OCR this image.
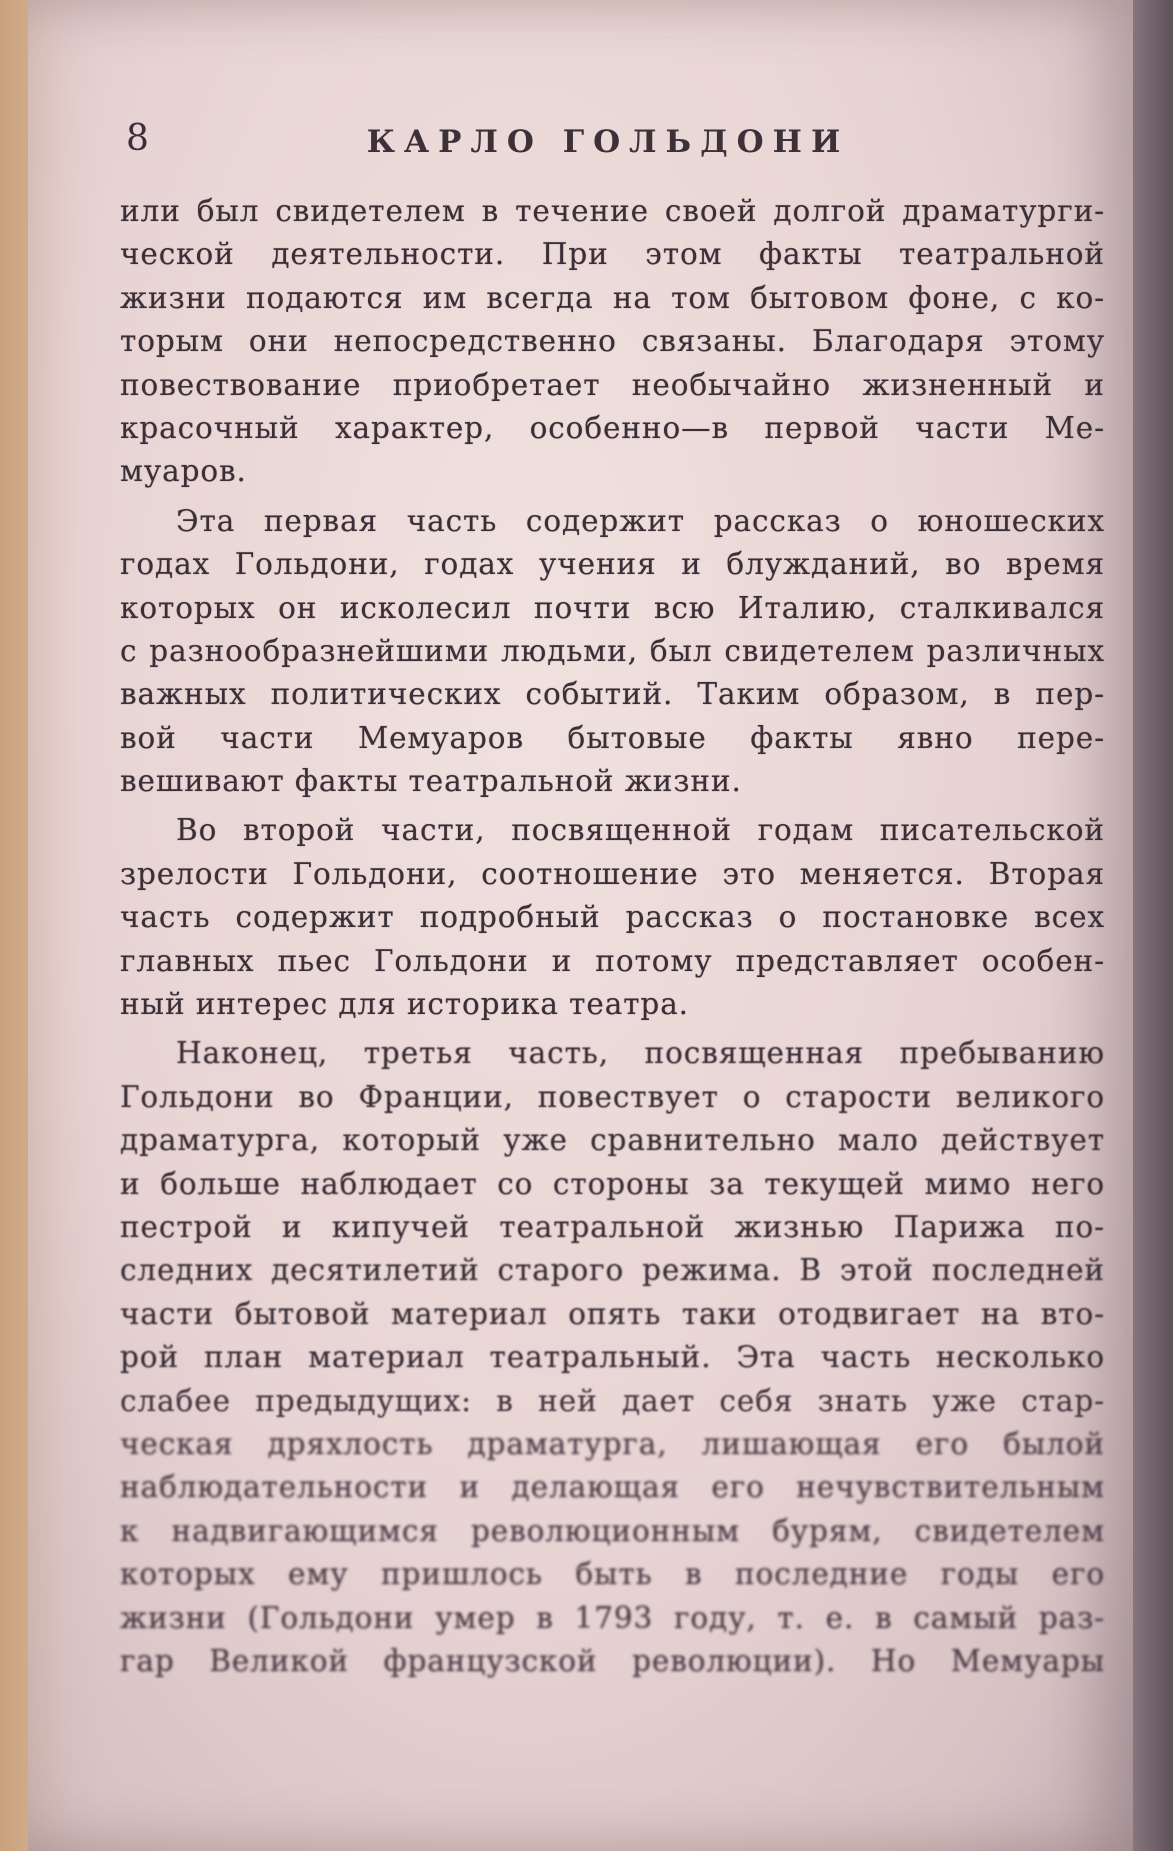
8	КАРЛО ГОЛЬДОНИ
или был свидетелем в течение своей долгой драматурги-
ческой деятельности. При этом факты театральной
жизни подаются им всегда на том бытовом фоне, с ко-
торым они непосредственно связаны. Благодаря этому
повествование приобретает необычайно жизненный и
красочный характер, особенно—в первой части Ме-
муаров.
Эта первая часть содержит рассказ о юношеских
годах Гольдони, годах учения и блужданий, во время
которых он исколесил почти всю Италию, сталкивался
с разнообразнейшими людьми, был свидетелем различных
важных политических событий. Таким образом, в пер-
вой части Мемуаров бытовые факты явно пере-
вешивают факты театральной жизни.
Во второй части, посвященной годам писательской
зрелости Гольдони, соотношение это меняется. Вторая
часть содержит подробный рассказ о постановке всех
главных пьес Гольдони и потому представляет особен-
ный интерес для историка театра.
Наконец, третья часть, посвященная пребыванию
Гольдони во Франции, повествует о старости великого
драматурга, который уже сравнительно мало действует
и больше наблюдает со стороны за текущей мимо него
пестрой и кипучей театральной жизнью Парижа по-
следних десятилетий старого режима. В этой последней
части бытовой материал опять таки отодвигает на вто-
рой план материал театральный. Эта часть несколько
слабее предыдущих: в ней дает себя знать уже стар-
ческая дряхлость драматурга, лишающая его былой
наблюдательности и делающая его нечувствительным
к надвигающимся революционным бурям, свидетелем
которых ему пришлось быть в последние годы его
жизни (Гольдони умер в 1793 году, т. е. в самый раз-
гар Великой французской революции). Но Мемуары
